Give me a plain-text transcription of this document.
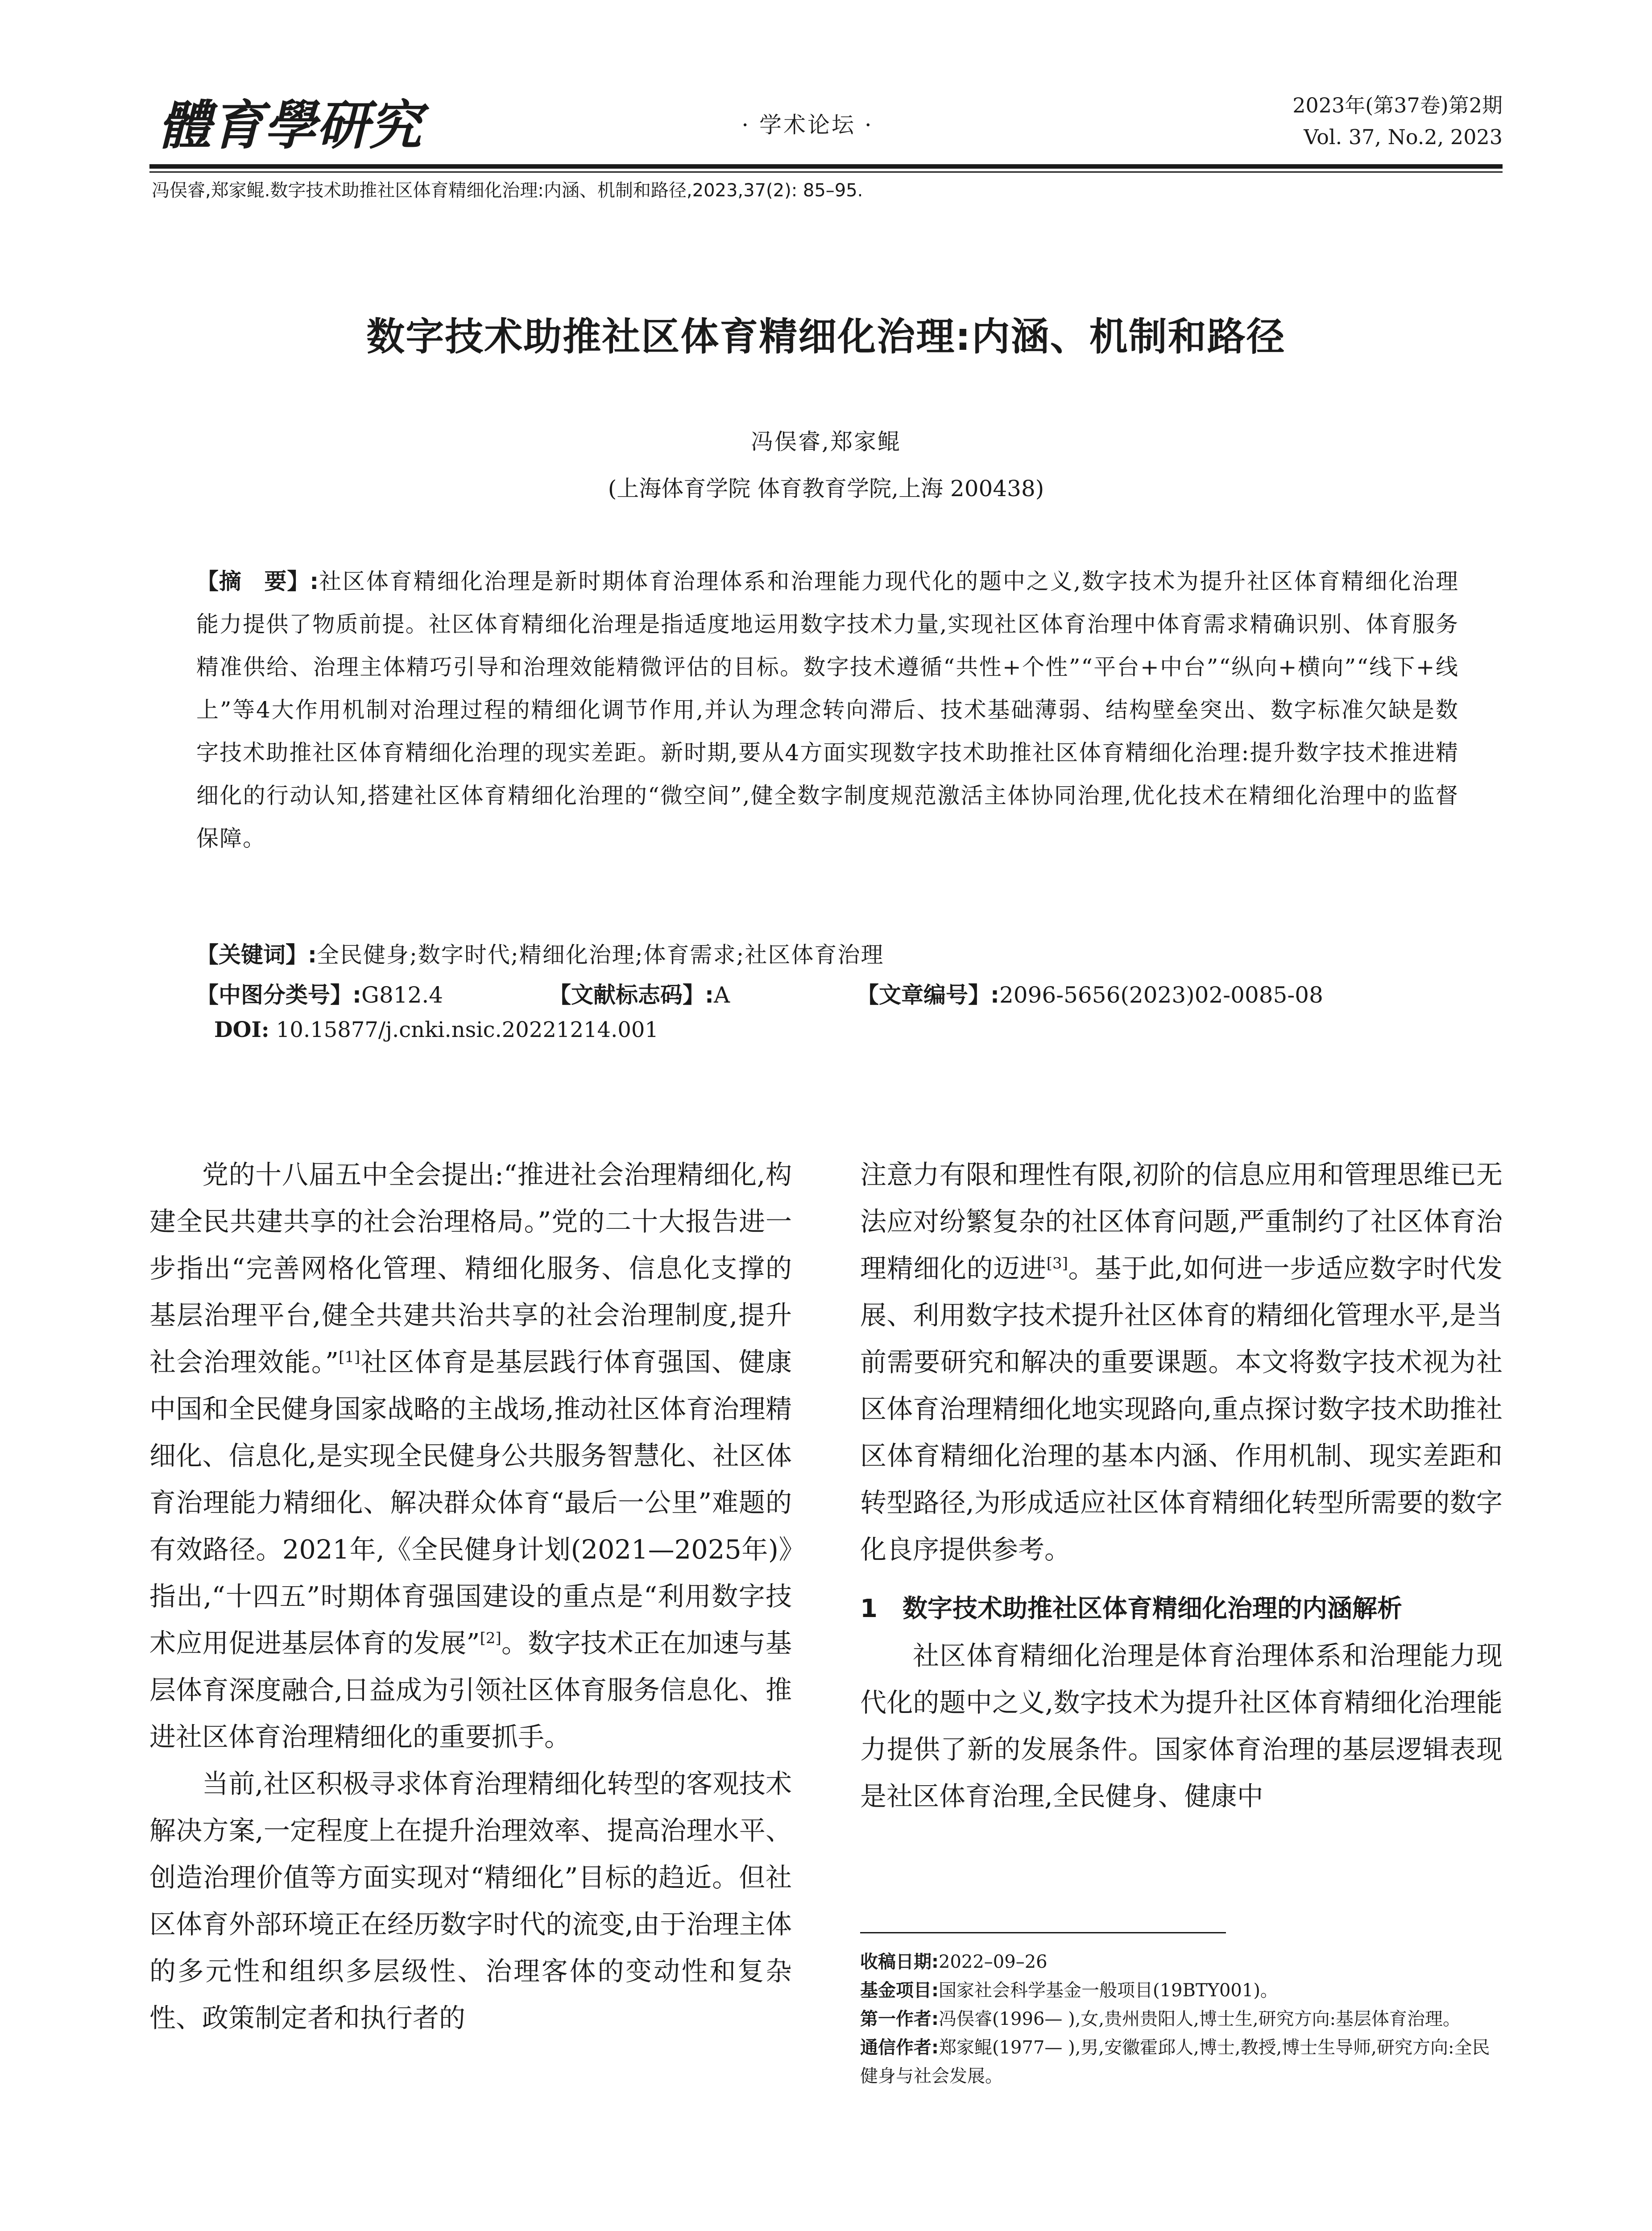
體育學研究	· 学术论坛 ·
2023年(第37卷)第2期
Vol. 37, No.2, 2023
冯俣睿,郑家鲲.数字技术助推社区体育精细化治理:内涵、机制和路径,2023,37(2): 85–95.
数字技术助推社区体育精细化治理:内涵、机制和路径
冯俣睿,郑家鲲
(上海体育学院 体育教育学院,上海 200438)
【摘　要】:社区体育精细化治理是新时期体育治理体系和治理能力现代化的题中之义,数字技术为提升社区体育精细化治理能力提供了物质前提。社区体育精细化治理是指适度地运用数字技术力量,实现社区体育治理中体育需求精确识别、体育服务精准供给、治理主体精巧引导和治理效能精微评估的目标。数字技术遵循“共性+个性”“平台+中台”“纵向+横向”“线下+线上”等4大作用机制对治理过程的精细化调节作用,并认为理念转向滞后、技术基础薄弱、结构壁垒突出、数字标准欠缺是数字技术助推社区体育精细化治理的现实差距。新时期,要从4方面实现数字技术助推社区体育精细化治理:提升数字技术推进精细化的行动认知,搭建社区体育精细化治理的“微空间”,健全数字制度规范激活主体协同治理,优化技术在精细化治理中的监督保障。
【关键词】:全民健身;数字时代;精细化治理;体育需求;社区体育治理
【中图分类号】:G812.4	【文献标志码】:A	【文章编号】:2096-5656(2023)02-0085-08
DOI: 10.15877/j.cnki.nsic.20221214.001

党的十八届五中全会提出:“推进社会治理精细化,构建全民共建共享的社会治理格局。”党的二十大报告进一步指出“完善网格化管理、精细化服务、信息化支撑的基层治理平台,健全共建共治共享的社会治理制度,提升社会治理效能。”[1]社区体育是基层践行体育强国、健康中国和全民健身国家战略的主战场,推动社区体育治理精细化、信息化,是实现全民健身公共服务智慧化、社区体育治理能力精细化、解决群众体育“最后一公里”难题的有效路径。2021年,《全民健身计划(2021—2025年)》指出,“十四五”时期体育强国建设的重点是“利用数字技术应用促进基层体育的发展”[2]。数字技术正在加速与基层体育深度融合,日益成为引领社区体育服务信息化、推进社区体育治理精细化的重要抓手。

当前,社区积极寻求体育治理精细化转型的客观技术解决方案,一定程度上在提升治理效率、提高治理水平、创造治理价值等方面实现对“精细化”目标的趋近。但社区体育外部环境正在经历数字时代的流变,由于治理主体的多元性和组织多层级性、治理客体的变动性和复杂性、政策制定者和执行者的

注意力有限和理性有限,初阶的信息应用和管理思维已无法应对纷繁复杂的社区体育问题,严重制约了社区体育治理精细化的迈进[3]。基于此,如何进一步适应数字时代发展、利用数字技术提升社区体育的精细化管理水平,是当前需要研究和解决的重要课题。本文将数字技术视为社区体育治理精细化地实现路向,重点探讨数字技术助推社区体育精细化治理的基本内涵、作用机制、现实差距和转型路径,为形成适应社区体育精细化转型所需要的数字化良序提供参考。

1　数字技术助推社区体育精细化治理的内涵解析

社区体育精细化治理是体育治理体系和治理能力现代化的题中之义,数字技术为提升社区体育精细化治理能力提供了新的发展条件。国家体育治理的基层逻辑表现是社区体育治理,全民健身、健康中

收稿日期:2022–09–26

基金项目:国家社会科学基金一般项目(19BTY001)。

第一作者:冯俣睿(1996— ),女,贵州贵阳人,博士生,研究方向:基层体育治理。

通信作者:郑家鲲(1977— ),男,安徽霍邱人,博士,教授,博士生导师,研究方向:全民健身与社会发展。
